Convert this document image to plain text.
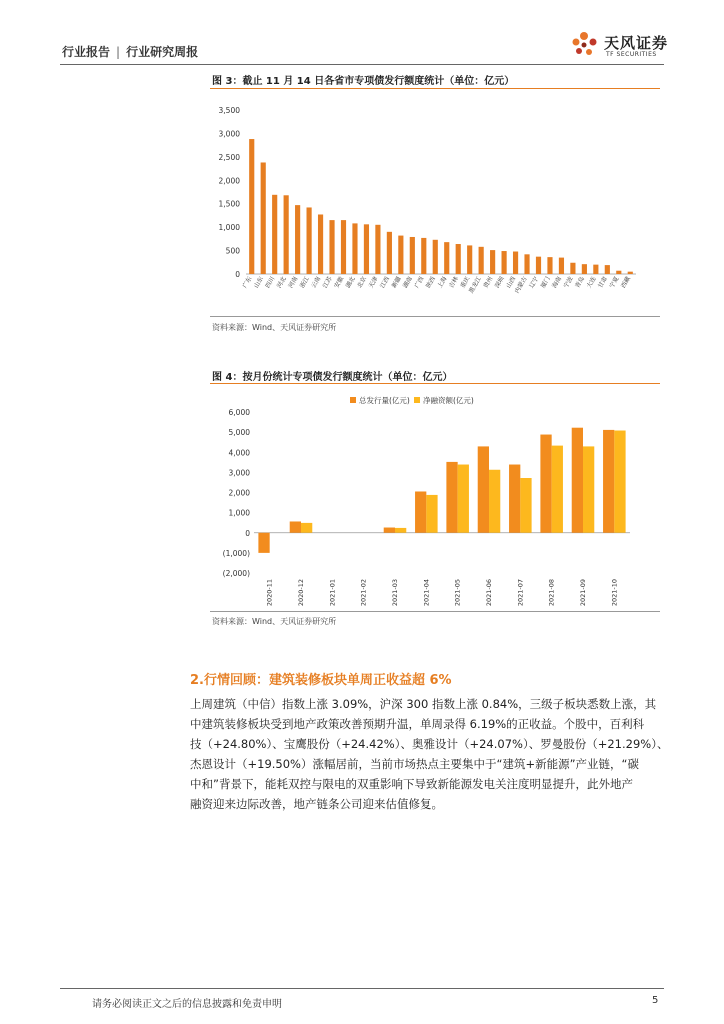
行业报告 | 行业研究周报	天风证券
TF SECURITIES
图 3：截止 11 月 14 日各省市专项债发行额度统计（单位：亿元）
0
500
1,000
1,500
2,000
2,500
3,000
3,500
广东 山东 四川 河北 河南 浙江 云南 江苏 安徽 湖北 北京 天津 江西 新疆 湖南 广西 陕西 上海 吉林 重庆
黑龙江 贵州 深圳 山西
内蒙古 辽宁 厦门 海南 宁波 青岛 大连 甘肃 宁夏 西藏
资料来源：Wind、天风证券研究所
图 4：按月份统计专项债发行额度统计（单位：亿元）
(2,000)
(1,000)
0
1,000
2,000
3,000
4,000
5,000
6,000
总发行量(亿元) 净融资额(亿元)
2020-11	2020-12	2021-01	2021-02	2021-03	2021-04	2021-05	2021-06	2021-07	2021-08	2021-09	2021-10
资料来源：Wind、天风证券研究所
2.行情回顾：建筑装修板块单周正收益超 6%
上周建筑（中信）指数上涨 3.09%，沪深 300 指数上涨 0.84%，三级子板块悉数上涨，其
中建筑装修板块受到地产政策改善预期升温，单周录得 6.19%的正收益。个股中，百利科
技（+24.80%）、宝鹰股份（+24.42%）、奥雅设计（+24.07%）、罗曼股份（+21.29%）、
杰恩设计（+19.50%）涨幅居前，当前市场热点主要集中于“建筑+新能源”产业链，“碳
中和”背景下，能耗双控与限电的双重影响下导致新能源发电关注度明显提升，此外地产
融资迎来边际改善，地产链条公司迎来估值修复。
请务必阅读正文之后的信息披露和免责申明	5
